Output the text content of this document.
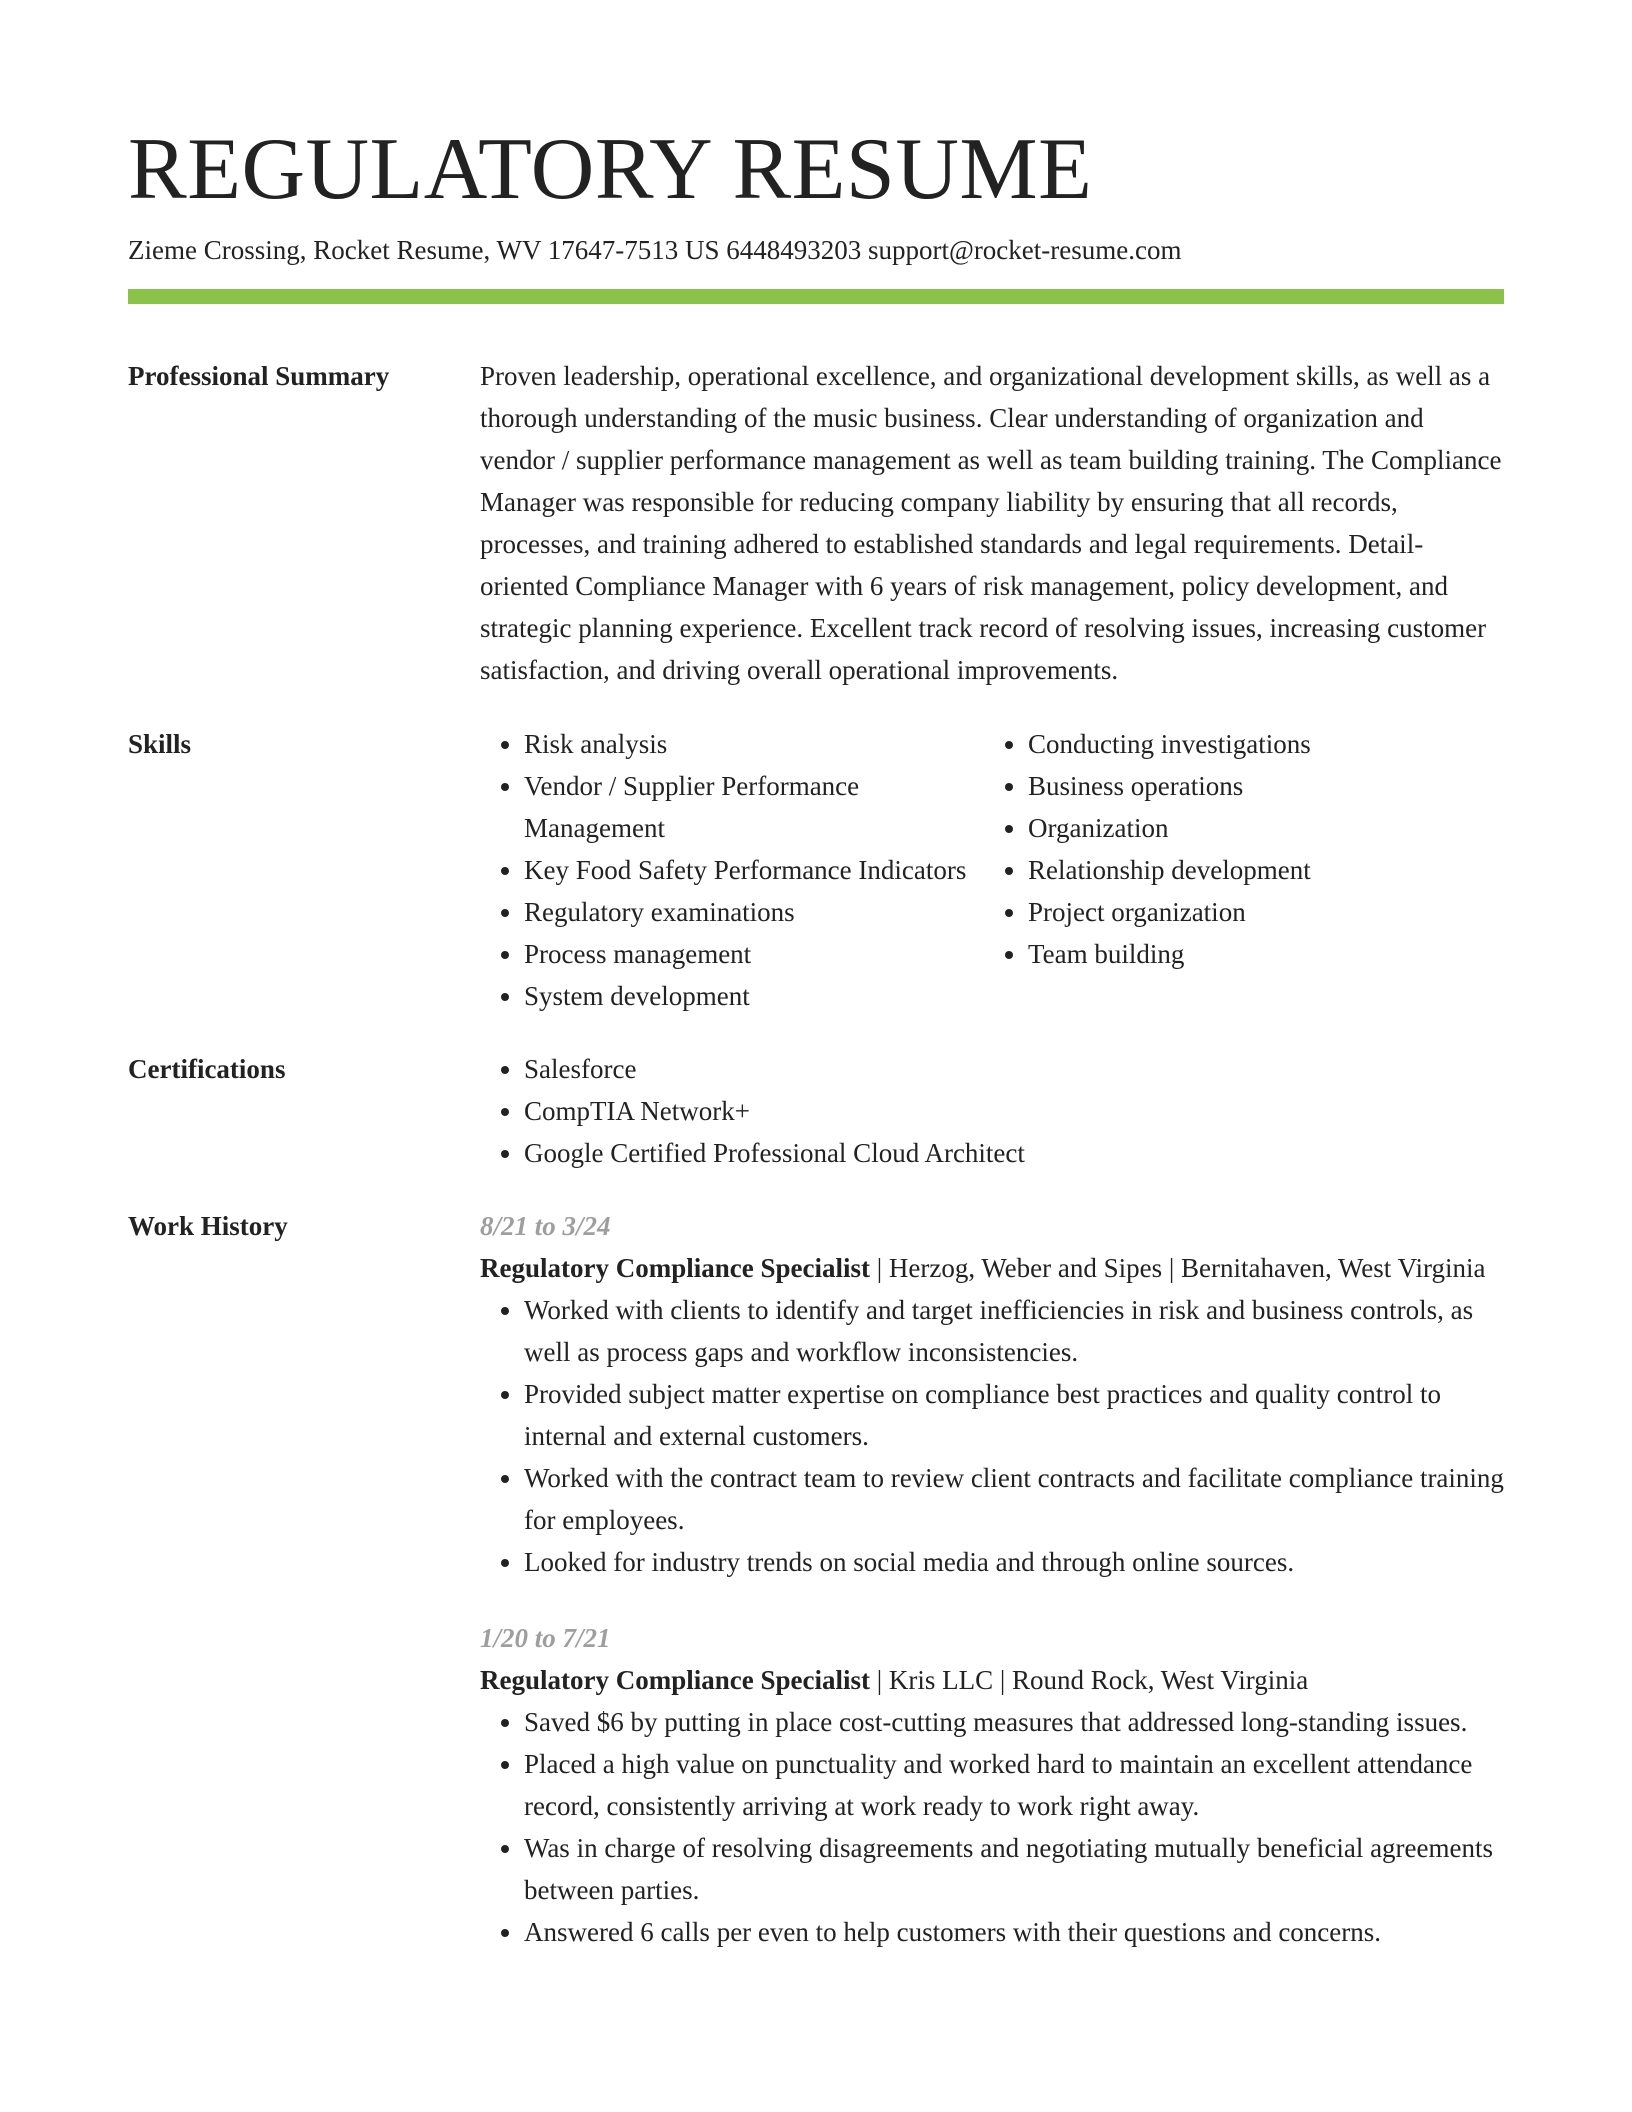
REGULATORY RESUME
Zieme Crossing, Rocket Resume, WV 17647-7513 US 6448493203 support@rocket-resume.com
Professional Summary	Proven leadership, operational excellence, and organizational development skills, as well as a thorough understanding of the music business. Clear understanding of organization and vendor / supplier performance management as well as team building training. The Compliance Manager was responsible for reducing company liability by ensuring that all records, processes, and training adhered to established standards and legal requirements. Detail-oriented Compliance Manager with 6 years of risk management, policy development, and strategic planning experience. Excellent track record of resolving issues, increasing customer satisfaction, and driving overall operational improvements.
Skills	• Risk analysis
• Vendor / Supplier Performance Management
• Key Food Safety Performance Indicators
• Regulatory examinations
• Process management
• System development
• Conducting investigations
• Business operations
• Organization
• Relationship development
• Project organization
• Team building
Certifications	• Salesforce
• CompTIA Network+
• Google Certified Professional Cloud Architect
Work History	8/21 to 3/24
Regulatory Compliance Specialist | Herzog, Weber and Sipes | Bernitahaven, West Virginia
• Worked with clients to identify and target inefficiencies in risk and business controls, as well as process gaps and workflow inconsistencies.
• Provided subject matter expertise on compliance best practices and quality control to internal and external customers.
• Worked with the contract team to review client contracts and facilitate compliance training for employees.
• Looked for industry trends on social media and through online sources.
1/20 to 7/21
Regulatory Compliance Specialist | Kris LLC | Round Rock, West Virginia
• Saved $6 by putting in place cost-cutting measures that addressed long-standing issues.
• Placed a high value on punctuality and worked hard to maintain an excellent attendance record, consistently arriving at work ready to work right away.
• Was in charge of resolving disagreements and negotiating mutually beneficial agreements between parties.
• Answered 6 calls per even to help customers with their questions and concerns.
